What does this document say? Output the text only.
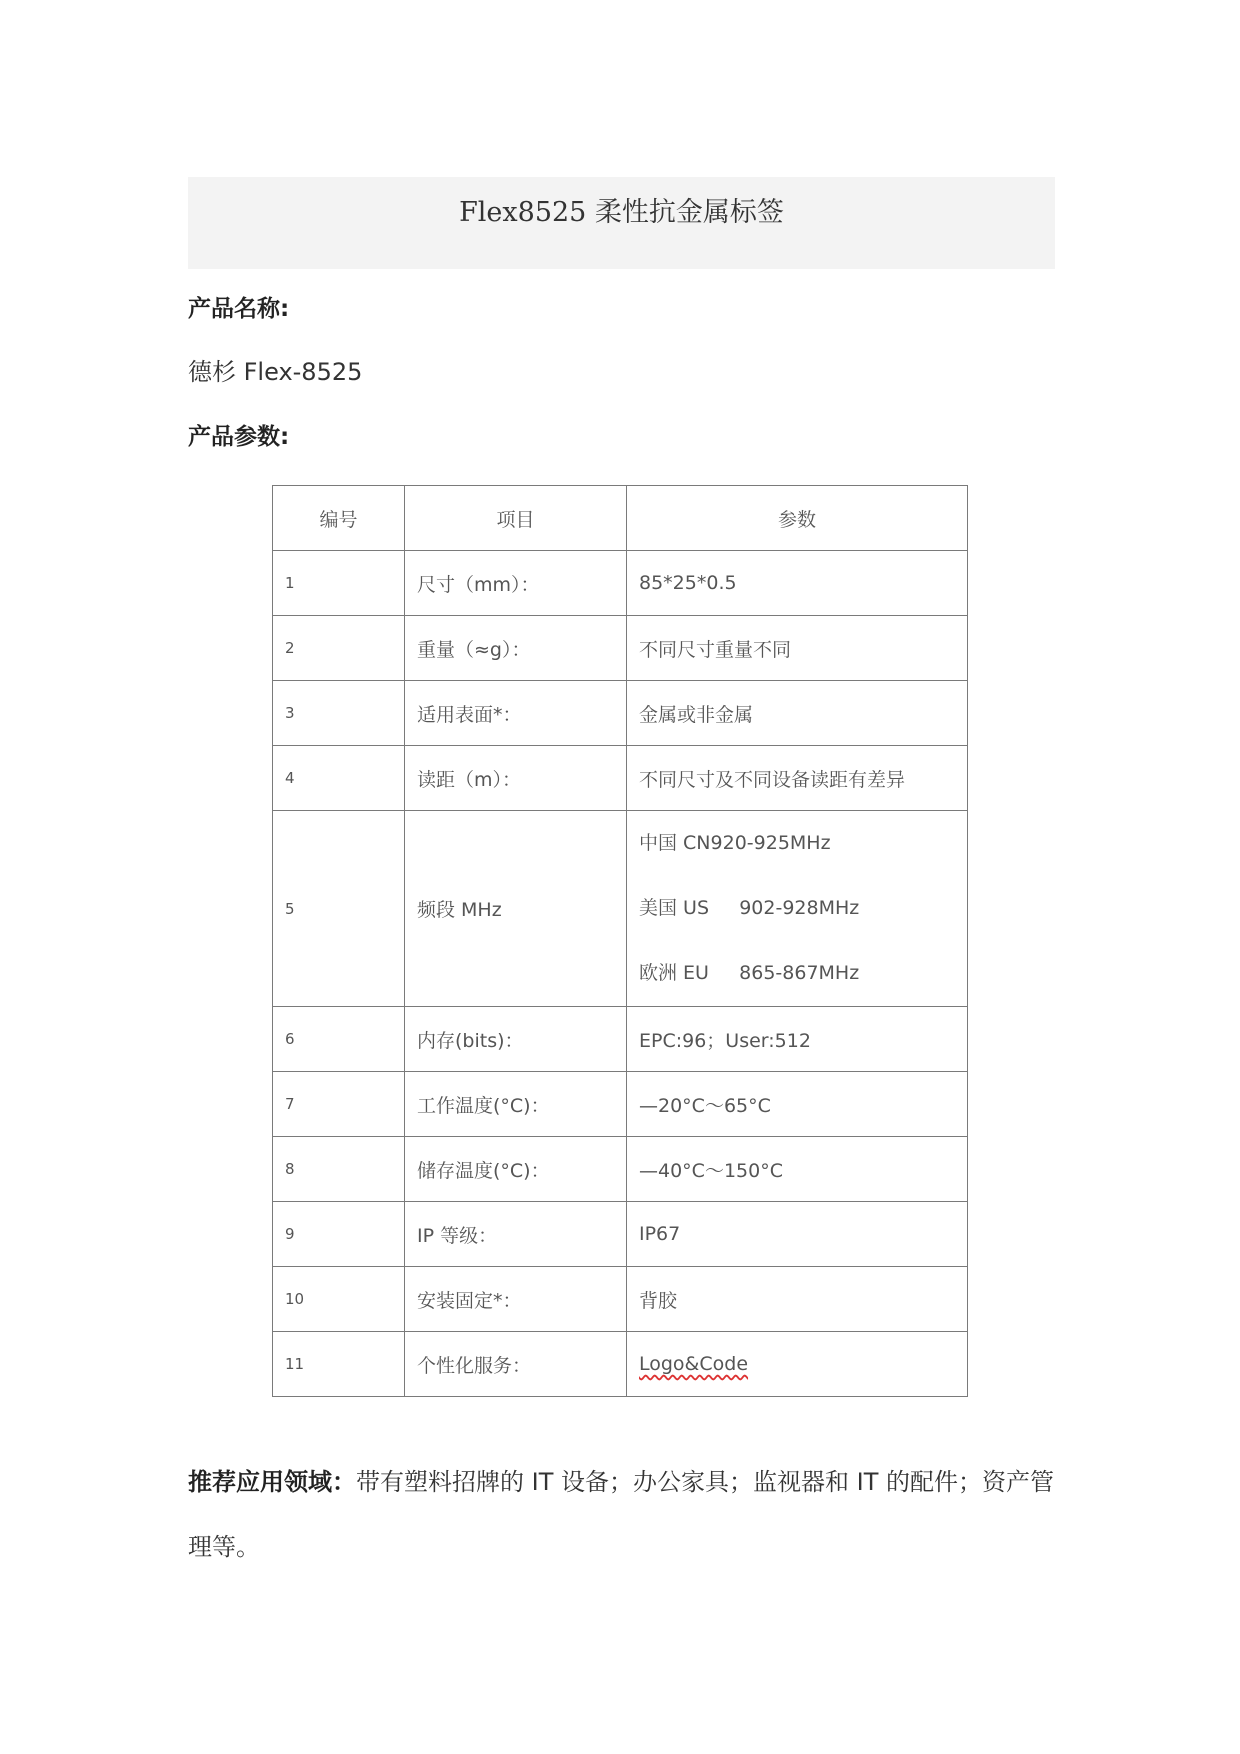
Flex8525 柔性抗金属标签
产品名称:
德杉 Flex-8525
产品参数:
编号	项目	参数
1	尺寸（mm）：	85*25*0.5
2	重量（≈g）：	不同尺寸重量不同
3	适用表面*：	金属或非金属
4	读距（m）：	不同尺寸及不同设备读距有差异
5	频段 MHz	中国 CN920-925MHz
美国 US     902-928MHz
欧洲 EU     865-867MHz

6	内存(bits)：	EPC:96；User:512
7	工作温度(°C)：	—20°C～65°C
8	储存温度(°C)：	—40°C～150°C
9	IP 等级：	IP67
10	安装固定*：	背胶
11	个性化服务：	Logo&Code
推荐应用领域：带有塑料招牌的 IT 设备；办公家具；监视器和 IT 的配件；资产管理等。
